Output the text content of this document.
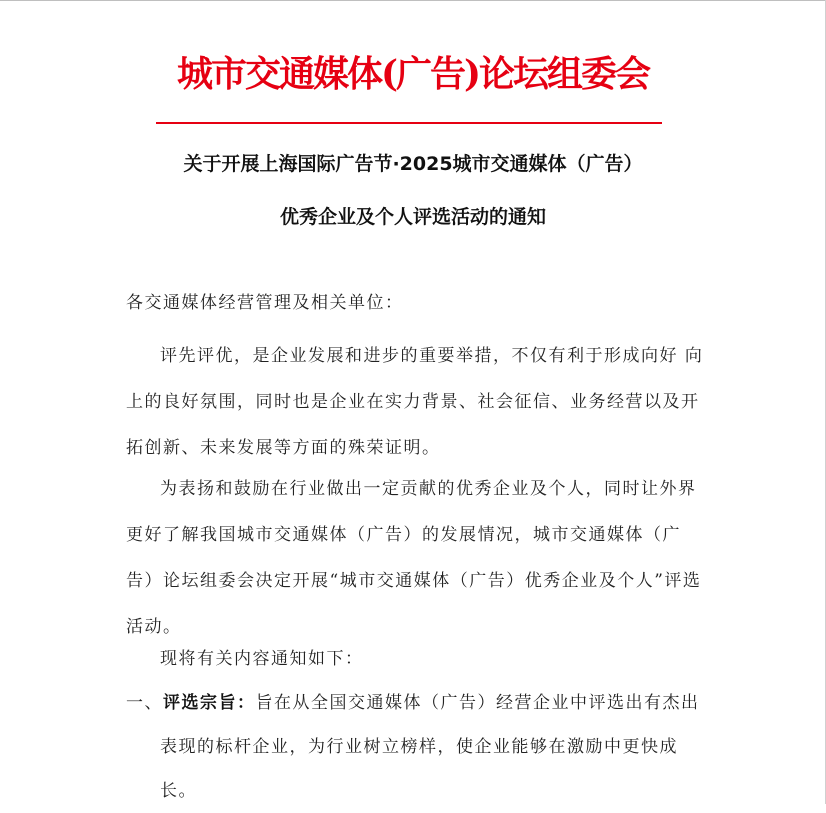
城市交通媒体(广告)论坛组委会
关于开展上海国际广告节·2025城市交通媒体（广告）
优秀企业及个人评选活动的通知
各交通媒体经营管理及相关单位：
评先评优，是企业发展和进步的重要举措，不仅有利于形成向好 向上的良好氛围，同时也是企业在实力背景、社会征信、业务经营以及开拓创新、未来发展等方面的殊荣证明。
为表扬和鼓励在行业做出一定贡献的优秀企业及个人，同时让外界更好了解我国城市交通媒体（广告）的发展情况，城市交通媒体（广告）论坛组委会决定开展“城市交通媒体（广告）优秀企业及个人”评选活动。
现将有关内容通知如下：
一、评选宗旨：旨在从全国交通媒体（广告）经营企业中评选出有杰出表现的标杆企业，为行业树立榜样，使企业能够在激励中更快成长。
